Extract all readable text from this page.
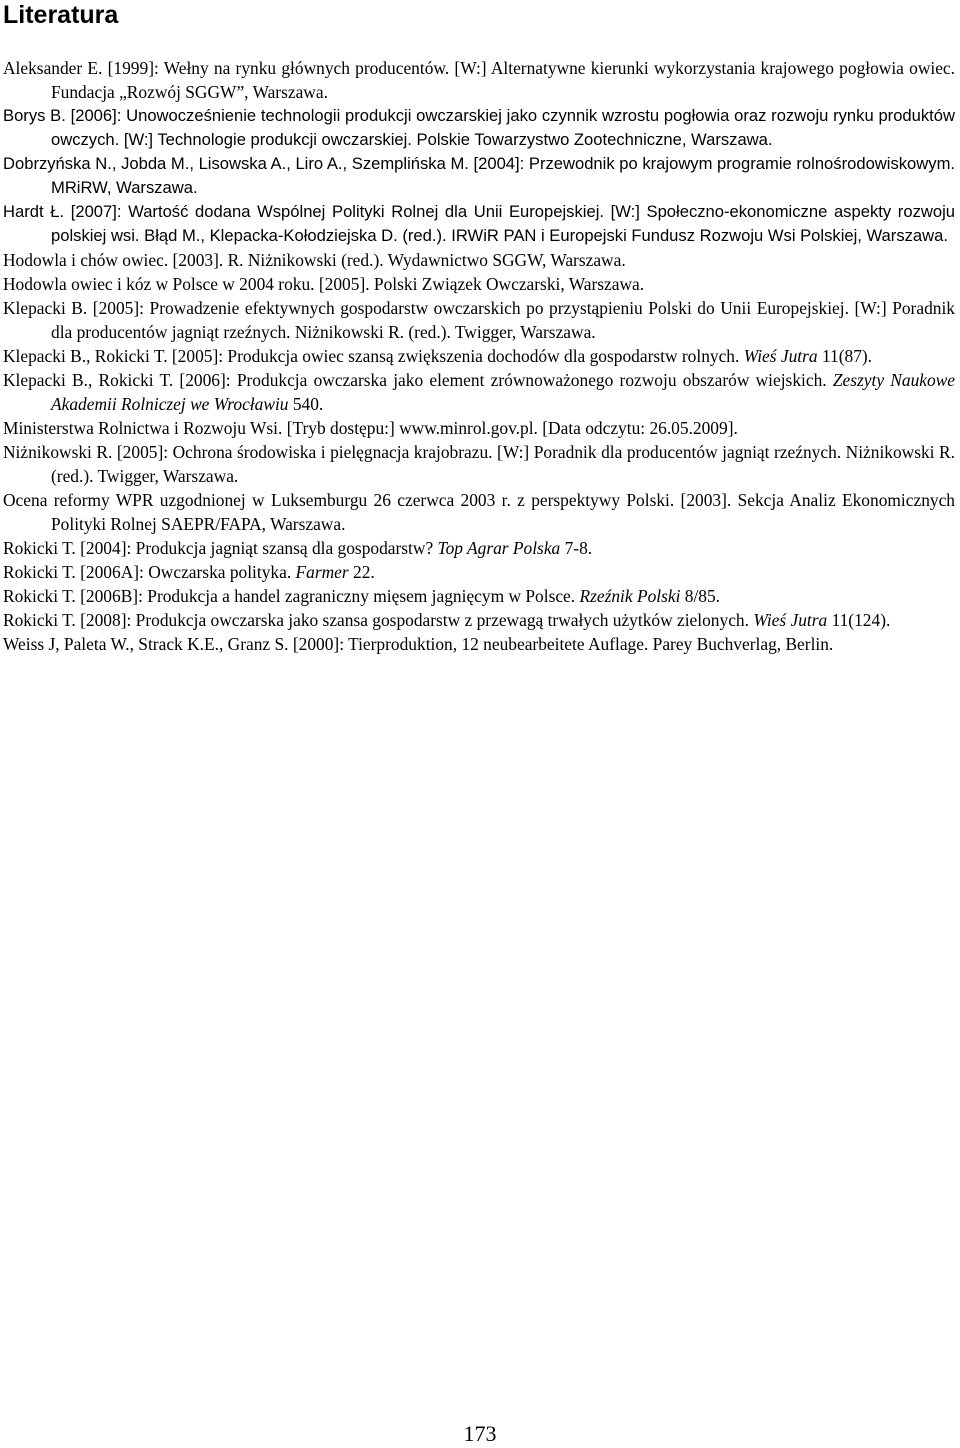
Literatura

Aleksander E. [1999]: Wełny na rynku głównych producentów. [W:] Alternatywne kierunki wykorzystania krajowego pogłowia owiec. Fundacja „Rozwój SGGW”, Warszawa.

Borys B. [2006]: Unowocześnienie technologii produkcji owczarskiej jako czynnik wzrostu pogłowia oraz rozwoju rynku produktów owczych. [W:] Technologie produkcji owczarskiej. Polskie Towarzystwo Zootechniczne, Warszawa.

Dobrzyńska N., Jobda M., Lisowska A., Liro A., Szemplińska M. [2004]: Przewodnik po krajowym programie rolnośrodowiskowym. MRiRW, Warszawa.

Hardt Ł. [2007]: Wartość dodana Wspólnej Polityki Rolnej dla Unii Europejskiej. [W:] Społeczno-ekonomiczne aspekty rozwoju polskiej wsi. Błąd M., Klepacka-Kołodziejska D. (red.). IRWiR PAN i Europejski Fundusz Rozwoju Wsi Polskiej, Warszawa.

Hodowla i chów owiec. [2003]. R. Niżnikowski (red.). Wydawnictwo SGGW, Warszawa.

Hodowla owiec i kóz w Polsce w 2004 roku. [2005]. Polski Związek Owczarski, Warszawa.

Klepacki B. [2005]: Prowadzenie efektywnych gospodarstw owczarskich po przystąpieniu Polski do Unii Europejskiej. [W:] Poradnik dla producentów jagniąt rzeźnych. Niżnikowski R. (red.). Twigger, Warszawa.

Klepacki B., Rokicki T. [2005]: Produkcja owiec szansą zwiększenia dochodów dla gospodarstw rolnych. Wieś Jutra 11(87).

Klepacki B., Rokicki T. [2006]: Produkcja owczarska jako element zrównoważonego rozwoju obszarów wiejskich. Zeszyty Naukowe Akademii Rolniczej we Wrocławiu 540.

Ministerstwa Rolnictwa i Rozwoju Wsi. [Tryb dostępu:] www.minrol.gov.pl. [Data odczytu: 26.05.2009].

Niżnikowski R. [2005]: Ochrona środowiska i pielęgnacja krajobrazu. [W:] Poradnik dla producentów jagniąt rzeźnych. Niżnikowski R. (red.). Twigger, Warszawa.

Ocena reformy WPR uzgodnionej w Luksemburgu 26 czerwca 2003 r. z perspektywy Polski. [2003]. Sekcja Analiz Ekonomicznych Polityki Rolnej SAEPR/FAPA, Warszawa.

Rokicki T. [2004]: Produkcja jagniąt szansą dla gospodarstw? Top Agrar Polska 7-8.

Rokicki T. [2006A]: Owczarska polityka. Farmer 22.

Rokicki T. [2006B]: Produkcja a handel zagraniczny mięsem jagnięcym w Polsce. Rzeźnik Polski 8/85.

Rokicki T. [2008]: Produkcja owczarska jako szansa gospodarstw z przewagą trwałych użytków zielonych. Wieś Jutra 11(124).

Weiss J, Paleta W., Strack K.E., Granz S. [2000]: Tierproduktion, 12 neubearbeitete Auflage. Parey Buchverlag, Berlin.

173
